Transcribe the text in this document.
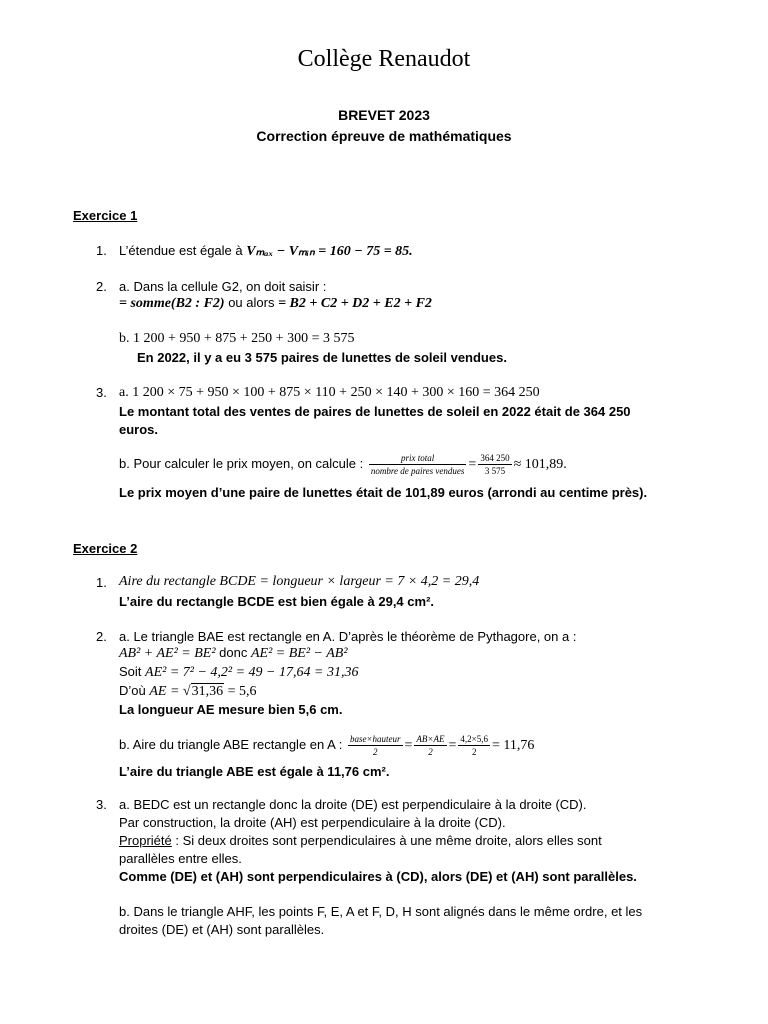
Collège Renaudot
BREVET 2023
Correction épreuve de mathématiques
Exercice 1
1. L’étendue est égale à Vₘₐₓ − Vₘᵢₙ = 160 − 75 = 85.
2. a. Dans la cellule G2, on doit saisir :
= somme(B2 : F2) ou alors = B2 + C2 + D2 + E2 + F2
b. 1 200 + 950 + 875 + 250 + 300 = 3 575
En 2022, il y a eu 3 575 paires de lunettes de soleil vendues.
3. a. 1 200 × 75 + 950 × 100 + 875 × 110 + 250 × 140 + 300 × 160 = 364 250
Le montant total des ventes de paires de lunettes de soleil en 2022 était de 364 250
euros.
b. Pour calculer le prix moyen, on calcule : $\frac{\text{prix total}}{\text{nombre de paires vendues}} = \frac{364 250}{3 575} \approx 101,89$.
Le prix moyen d’une paire de lunettes était de 101,89 euros (arrondi au centime près).
Exercice 2
1. Aire du rectangle BCDE = longueur × largeur = 7 × 4,2 = 29,4
L’aire du rectangle BCDE est bien égale à 29,4 cm².
2. a. Le triangle BAE est rectangle en A. D’après le théorème de Pythagore, on a :
AB² + AE² = BE² donc AE² = BE² − AB²
Soit AE² = 7² − 4,2² = 49 − 17,64 = 31,36
D’où AE = √31,36 = 5,6
La longueur AE mesure bien 5,6 cm.
b. Aire du triangle ABE rectangle en A : $\frac{\text{base×hauteur}}{2} = \frac{AB\times AE}{2} = \frac{4,2\times 5,6}{2} = 11,76$
L’aire du triangle ABE est égale à 11,76 cm².
3. a. BEDC est un rectangle donc la droite (DE) est perpendiculaire à la droite (CD).
Par construction, la droite (AH) est perpendiculaire à la droite (CD).
Propriété : Si deux droites sont perpendiculaires à une même droite, alors elles sont
parallèles entre elles.
Comme (DE) et (AH) sont perpendiculaires à (CD), alors (DE) et (AH) sont parallèles.
b. Dans le triangle AHF, les points F, E, A et F, D, H sont alignés dans le même ordre, et les
droites (DE) et (AH) sont parallèles.
